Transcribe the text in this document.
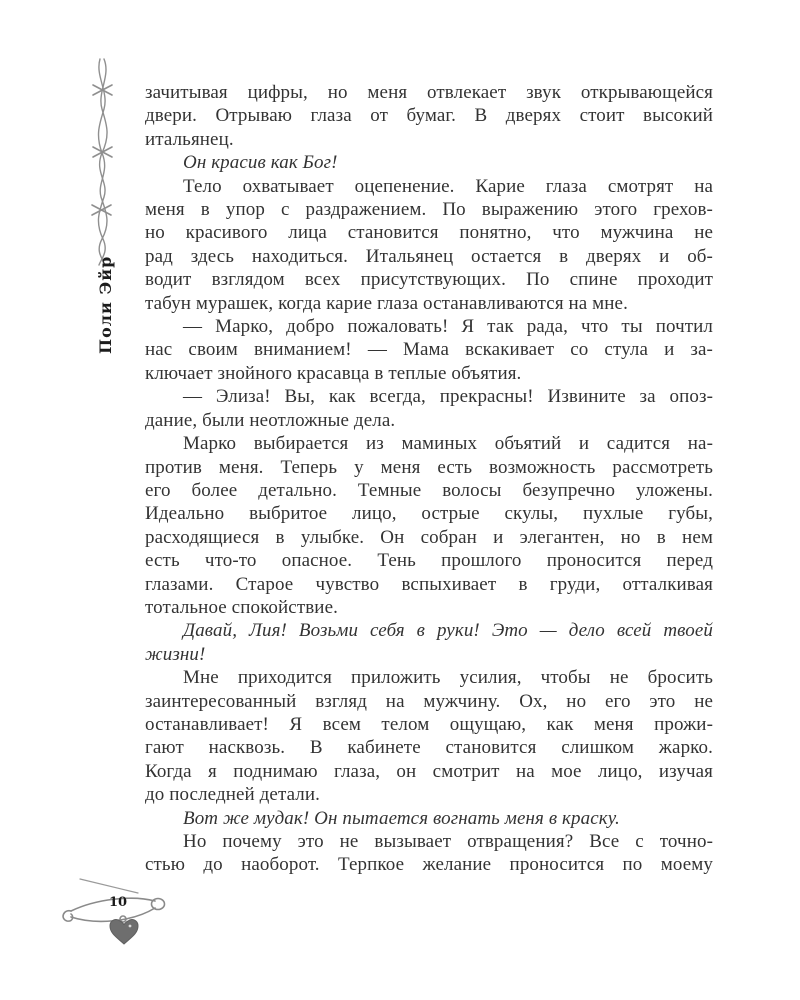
Поли Эйр
зачитывая цифры, но меня отвлекает звук открывающейся
двери. Отрываю глаза от бумаг. В дверях стоит высокий
итальянец.
Он красив как Бог!
Тело охватывает оцепенение. Карие глаза смотрят на
меня в упор с раздражением. По выражению этого грехов-
но красивого лица становится понятно, что мужчина не
рад здесь находиться. Итальянец остается в дверях и об-
водит взглядом всех присутствующих. По спине проходит
табун мурашек, когда карие глаза останавливаются на мне.
— Марко, добро пожаловать! Я так рада, что ты почтил
нас своим вниманием! — Мама вскакивает со стула и за-
ключает знойного красавца в теплые объятия.
— Элиза! Вы, как всегда, прекрасны! Извините за опоз-
дание, были неотложные дела.
Марко выбирается из маминых объятий и садится на-
против меня. Теперь у меня есть возможность рассмотреть
его более детально. Темные волосы безупречно уложены.
Идеально выбритое лицо, острые скулы, пухлые губы,
расходящиеся в улыбке. Он собран и элегантен, но в нем
есть что-то опасное. Тень прошлого проносится перед
глазами. Старое чувство вспыхивает в груди, отталкивая
тотальное спокойствие.
Давай, Лия! Возьми себя в руки! Это — дело всей твоей
жизни!
Мне приходится приложить усилия, чтобы не бросить
заинтересованный взгляд на мужчину. Ох, но его это не
останавливает! Я всем телом ощущаю, как меня прожи-
гают насквозь. В кабинете становится слишком жарко.
Когда я поднимаю глаза, он смотрит на мое лицо, изучая
до последней детали.
Вот же мудак! Он пытается вогнать меня в краску.
Но почему это не вызывает отвращения? Все с точно-
стью до наоборот. Терпкое желание проносится по моему
10
